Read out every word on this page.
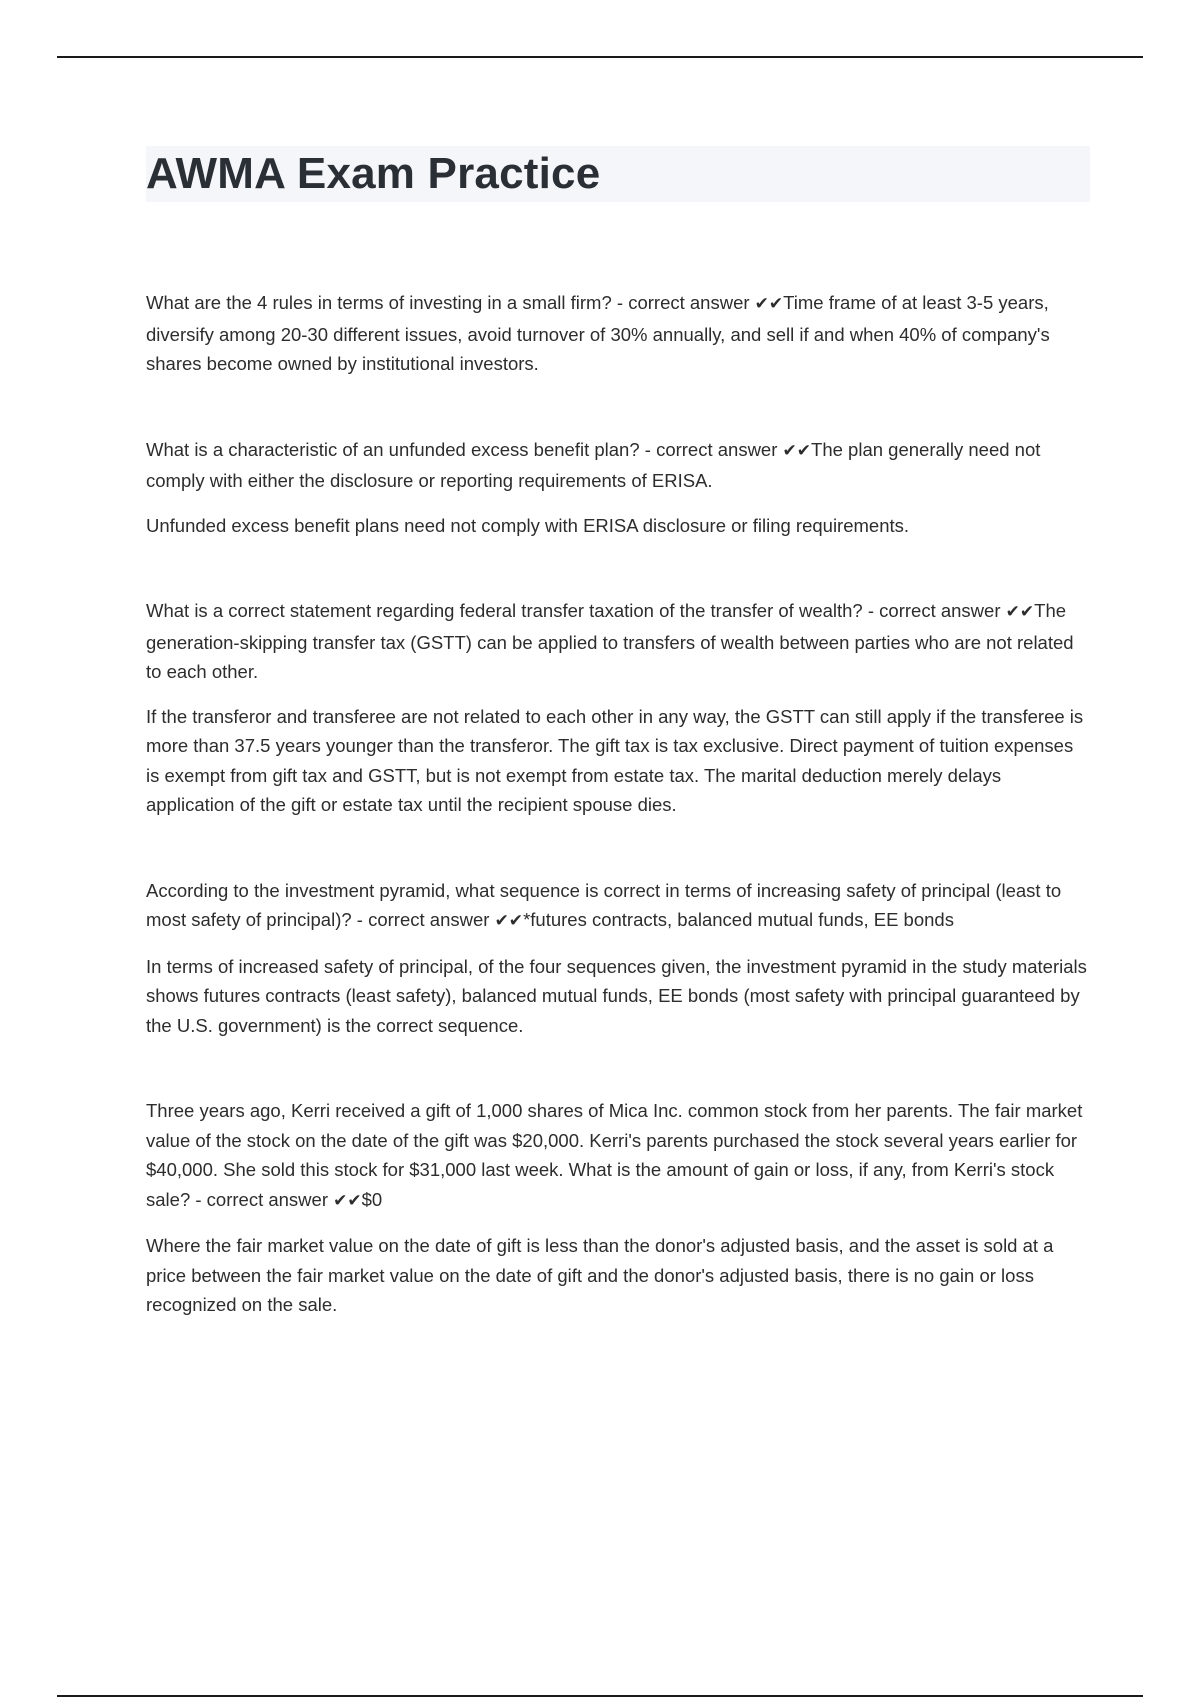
AWMA Exam Practice

What are the 4 rules in terms of investing in a small firm? - correct answer ✔✔Time frame of at least 3-5 years, diversify among 20-30 different issues, avoid turnover of 30% annually, and sell if and when 40% of company's shares become owned by institutional investors.

What is a characteristic of an unfunded excess benefit plan? - correct answer ✔✔The plan generally need not comply with either the disclosure or reporting requirements of ERISA.

Unfunded excess benefit plans need not comply with ERISA disclosure or filing requirements.

What is a correct statement regarding federal transfer taxation of the transfer of wealth? - correct answer ✔✔The generation-skipping transfer tax (GSTT) can be applied to transfers of wealth between parties who are not related to each other.

If the transferor and transferee are not related to each other in any way, the GSTT can still apply if the transferee is more than 37.5 years younger than the transferor. The gift tax is tax exclusive. Direct payment of tuition expenses is exempt from gift tax and GSTT, but is not exempt from estate tax. The marital deduction merely delays application of the gift or estate tax until the recipient spouse dies.

According to the investment pyramid, what sequence is correct in terms of increasing safety of principal (least to most safety of principal)? - correct answer ✔✔*futures contracts, balanced mutual funds, EE bonds

In terms of increased safety of principal, of the four sequences given, the investment pyramid in the study materials shows futures contracts (least safety), balanced mutual funds, EE bonds (most safety with principal guaranteed by the U.S. government) is the correct sequence.

Three years ago, Kerri received a gift of 1,000 shares of Mica Inc. common stock from her parents. The fair market value of the stock on the date of the gift was $20,000. Kerri's parents purchased the stock several years earlier for $40,000. She sold this stock for $31,000 last week. What is the amount of gain or loss, if any, from Kerri's stock sale? - correct answer ✔✔$0

Where the fair market value on the date of gift is less than the donor's adjusted basis, and the asset is sold at a price between the fair market value on the date of gift and the donor's adjusted basis, there is no gain or loss recognized on the sale.
